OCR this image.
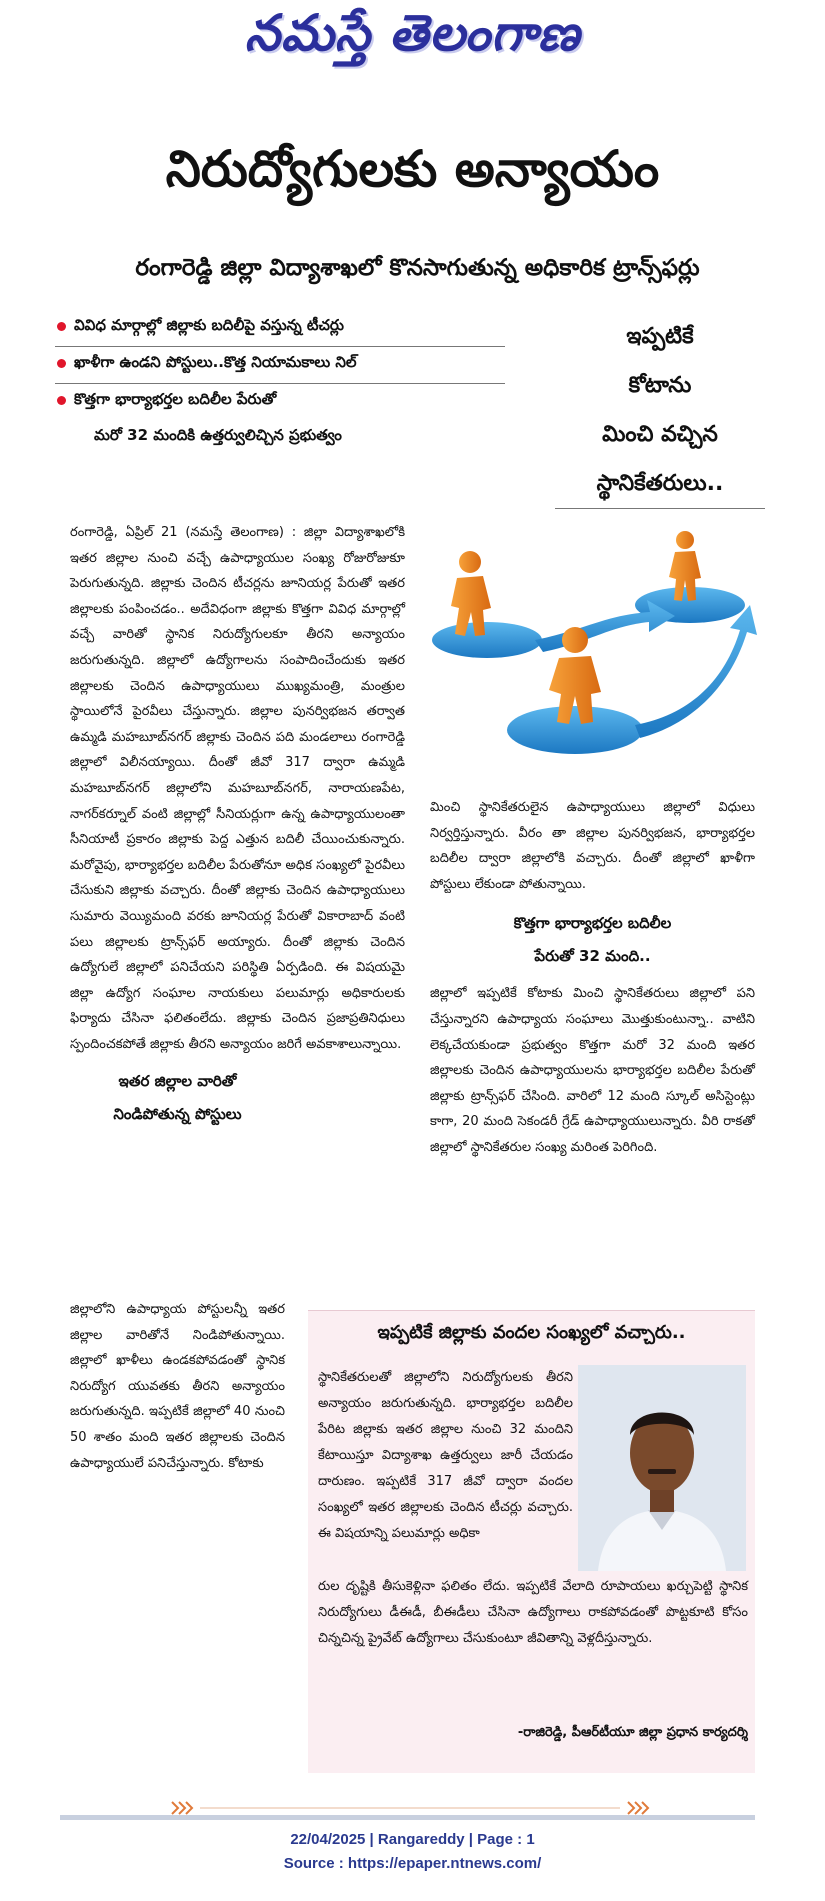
నమస్తే తెలంగాణ
నిరుద్యోగులకు అన్యాయం
రంగారెడ్డి జిల్లా విద్యాశాఖలో కొనసాగుతున్న అధికారిక ట్రాన్స్‌ఫర్లు
వివిధ మార్గాల్లో జిల్లాకు బదిలీపై వస్తున్న టీచర్లు
ఖాళీగా ఉండని పోస్టులు..కొత్త నియామకాలు నిల్
కొత్తగా భార్యాభర్తల బదిలీల పేరుతో
మరో 32 మందికి ఉత్తర్వులిచ్చిన ప్రభుత్వం
ఇప్పటికే
కోటాను
మించి వచ్చిన
స్థానికేతరులు..

రంగారెడ్డి, ఏప్రిల్ 21 (నమస్తే తెలంగాణ) : జిల్లా విద్యాశాఖలోకి ఇతర జిల్లాల నుంచి వచ్చే ఉపాధ్యాయుల సంఖ్య రోజురోజుకూ పెరుగుతున్నది. జిల్లాకు చెందిన టీచర్లను జూనియర్ల పేరుతో ఇతర జిల్లాలకు పంపించడం.. అదేవిధంగా జిల్లాకు కొత్తగా వివిధ మార్గాల్లో వచ్చే వారితో స్థానిక నిరుద్యోగులకూ తీరని అన్యాయం జరుగుతున్నది. జిల్లాలో ఉద్యోగాలను సంపాదించేందుకు ఇతర జిల్లాలకు చెందిన ఉపాధ్యాయులు ముఖ్యమంత్రి, మంత్రుల స్థాయిలోనే పైరవీలు చేస్తున్నారు. జిల్లాల పునర్విభజన తర్వాత ఉమ్మడి మహబూబ్‌నగర్ జిల్లాకు చెందిన పది మండలాలు రంగారెడ్డి జిల్లాలో విలీనయ్యాయి. దీంతో జీవో 317 ద్వారా ఉమ్మడి మహబూబ్‌నగర్ జిల్లాలోని మహబూబ్‌నగర్, నారాయణపేట, నాగర్‌కర్నూల్ వంటి జిల్లాల్లో సీనియర్లుగా ఉన్న ఉపాధ్యాయులంతా సీనియాటీ ప్రకారం జిల్లాకు పెద్ద ఎత్తున బదిలీ చేయించుకున్నారు. మరోవైపు, భార్యాభర్తల బదిలీల పేరుతోనూ అధిక సంఖ్యలో పైరవీలు చేసుకుని జిల్లాకు వచ్చారు. దీంతో జిల్లాకు చెందిన ఉపాధ్యాయులు సుమారు వెయ్యిమంది వరకు జూనియర్ల పేరుతో వికారాబాద్ వంటి పలు జిల్లాలకు ట్రాన్స్‌ఫర్ అయ్యారు. దీంతో జిల్లాకు చెందిన ఉద్యోగులే జిల్లాలో పనిచేయని పరిస్థితి ఏర్పడింది. ఈ విషయమై జిల్లా ఉద్యోగ సంఘాల నాయకులు పలుమార్లు అధికారులకు ఫిర్యాదు చేసినా ఫలితంలేదు. జిల్లాకు చెందిన ప్రజాప్రతినిధులు స్పందించకపోతే జిల్లాకు తీరని అన్యాయం జరిగే అవకాశాలున్నాయి.

ఇతర జిల్లాల వారితో
నిండిపోతున్న పోస్టులు

జిల్లాలోని ఉపాధ్యాయ పోస్టులన్నీ ఇతర జిల్లాల వారితోనే నిండిపోతున్నాయి. జిల్లాలో ఖాళీలు ఉండకపోవడంతో స్థానిక నిరుద్యోగ యువతకు తీరని అన్యాయం జరుగుతున్నది. ఇప్పటికే జిల్లాలో 40 నుంచి 50 శాతం మంది ఇతర జిల్లాలకు చెందిన ఉపాధ్యాయులే పనిచేస్తున్నారు. కోటాకు

మించి స్థానికేతరులైన ఉపాధ్యాయులు జిల్లాలో విధులు నిర్వర్తిస్తున్నారు. వీరం తా జిల్లాల పునర్విభజన, భార్యాభర్తల బదిలీల ద్వారా జిల్లాలోకి వచ్చారు. దీంతో జిల్లాలో ఖాళీగా పోస్టులు లేకుండా పోతున్నాయి.

కొత్తగా భార్యాభర్తల బదిలీల
పేరుతో 32 మంది..

జిల్లాలో ఇప్పటికే కోటాకు మించి స్థానికేతరులు జిల్లాలో పని చేస్తున్నారని ఉపాధ్యాయ సంఘాలు మొత్తుకుంటున్నా.. వాటిని లెక్కచేయకుండా ప్రభుత్వం కొత్తగా మరో 32 మంది ఇతర జిల్లాలకు చెందిన ఉపాధ్యాయులను భార్యాభర్తల బదిలీల పేరుతో జిల్లాకు ట్రాన్స్‌ఫర్ చేసింది. వారిలో 12 మంది స్కూల్ అసిస్టెంట్లు కాగా, 20 మంది సెకండరీ గ్రేడ్ ఉపాధ్యాయులున్నారు. వీరి రాకతో జిల్లాలో స్థానికేతరుల సంఖ్య మరింత పెరిగింది.

ఇప్పటికే జిల్లాకు వందల సంఖ్యలో వచ్చారు..
స్థానికేతరులతో జిల్లాలోని నిరుద్యోగులకు తీరని అన్యాయం జరుగుతున్నది. భార్యాభర్తల బదిలీల పేరిట జిల్లాకు ఇతర జిల్లాల నుంచి 32 మందిని కేటాయిస్తూ విద్యాశాఖ ఉత్తర్వులు జారీ చేయడం దారుణం. ఇప్పటికే 317 జీవో ద్వారా వందల సంఖ్యలో ఇతర జిల్లాలకు చెందిన టీచర్లు వచ్చారు. ఈ విషయాన్ని పలుమార్లు అధికా
రుల దృష్టికి తీసుకెళ్లినా ఫలితం లేదు. ఇప్పటికే వేలాది రూపాయలు ఖర్చుపెట్టి స్థానిక నిరుద్యోగులు డీఈడీ, బీఈడీలు చేసినా ఉద్యోగాలు రాకపోవడంతో పొట్టకూటి కోసం చిన్నచిన్న ప్రైవేట్ ఉద్యోగాలు చేసుకుంటూ జీవితాన్ని వెళ్లదీస్తున్నారు.
-రాజిరెడ్డి, పీఆర్‌టీయూ జిల్లా ప్రధాన కార్యదర్శి
22/04/2025 | Rangareddy | Page : 1
Source : https://epaper.ntnews.com/
